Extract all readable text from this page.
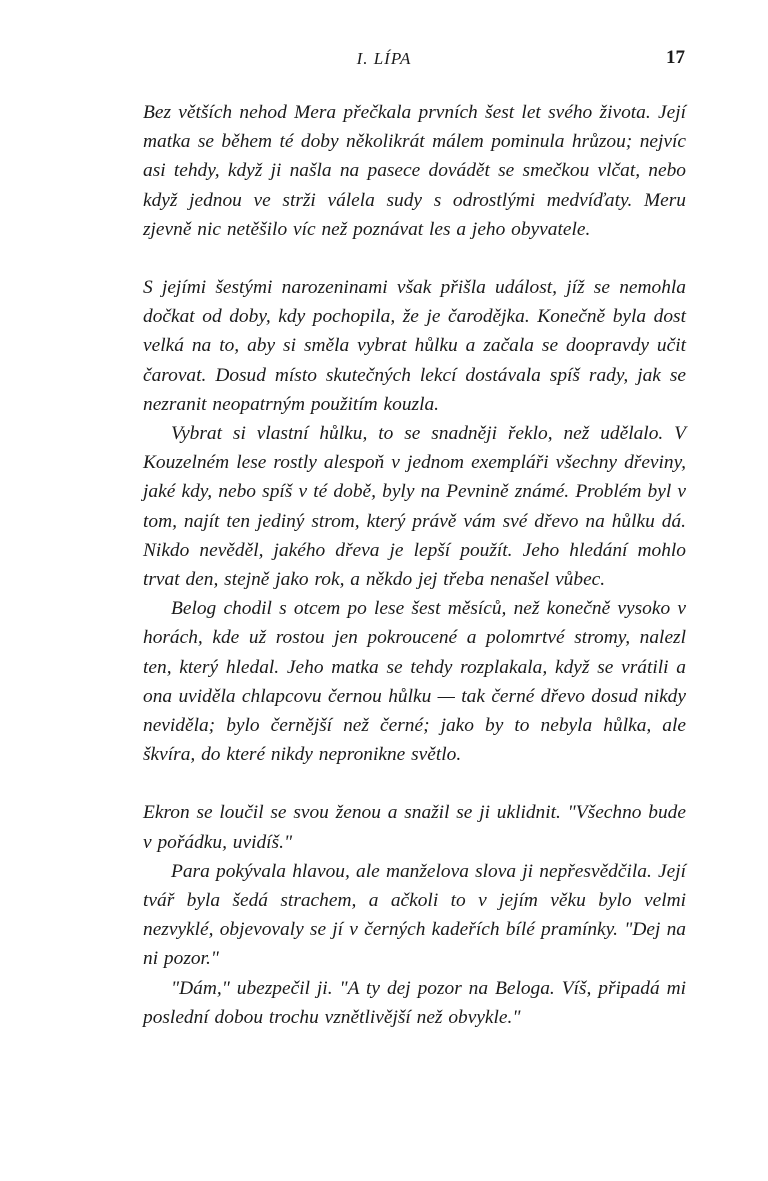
I. LÍPA	17

Bez větších nehod Mera přečkala prvních šest let svého života. Její matka se během té doby několikrát málem pominula hrůzou; nejvíc asi tehdy, když ji našla na pasece dovádět se smečkou vlčat, nebo když jednou ve strži válela sudy s odrostlými medvíďaty. Meru zjevně nic netěšilo víc než poznávat les a jeho obyvatele.

S jejími šestými narozeninami však přišla událost, jíž se nemohla dočkat od doby, kdy pochopila, že je čarodějka. Konečně byla dost velká na to, aby si směla vybrat hůlku a začala se doopravdy učit čarovat. Dosud místo skutečných lekcí dostávala spíš rady, jak se nezranit neopatrným použitím kouzla.

Vybrat si vlastní hůlku, to se snadněji řeklo, než udělalo. V Kouzelném lese rostly alespoň v jednom exempláři všechny dřeviny, jaké kdy, nebo spíš v té době, byly na Pevnině známé. Problém byl v tom, najít ten jediný strom, který právě vám své dřevo na hůlku dá. Nikdo nevěděl, jakého dřeva je lepší použít. Jeho hledání mohlo trvat den, stejně jako rok, a někdo jej třeba nenašel vůbec.

Belog chodil s otcem po lese šest měsíců, než konečně vysoko v horách, kde už rostou jen pokroucené a polomrtvé stromy, nalezl ten, který hledal. Jeho matka se tehdy rozplakala, když se vrátili a ona uviděla chlapcovu černou hůlku — tak černé dřevo dosud nikdy neviděla; bylo černější než černé; jako by to nebyla hůlka, ale škvíra, do které nikdy nepronikne světlo.

Ekron se loučil se svou ženou a snažil se ji uklidnit. "Všechno bude v pořádku, uvidíš."

Para pokývala hlavou, ale manželova slova ji nepřesvědčila. Její tvář byla šedá strachem, a ačkoli to v jejím věku bylo velmi nezvyklé, objevovaly se jí v černých kadeřích bílé pramínky. "Dej na ni pozor."

"Dám," ubezpečil ji. "A ty dej pozor na Beloga. Víš, připadá mi poslední dobou trochu vznětlivější než obvykle."
